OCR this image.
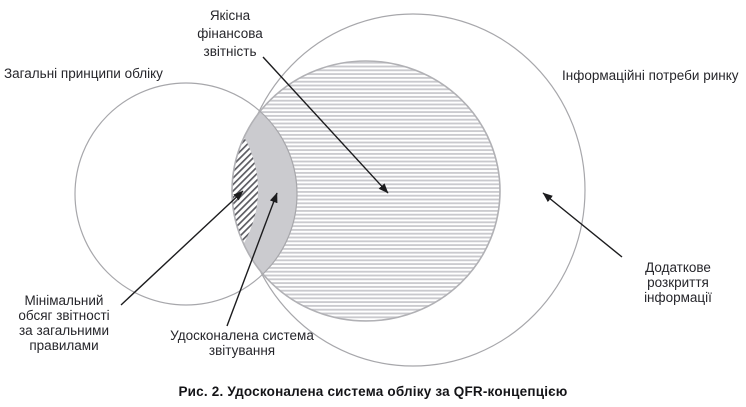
Загальні принципи обліку
Якісна
фінансова
звітність
Інформаційні потреби ринку
Мінімальний
обсяг звітності
за загальними
правилами
Удосконалена система
звітування
Додаткове
розкриття інформації
Рис. 2. Удосконалена система обліку за QFR-концепцією
